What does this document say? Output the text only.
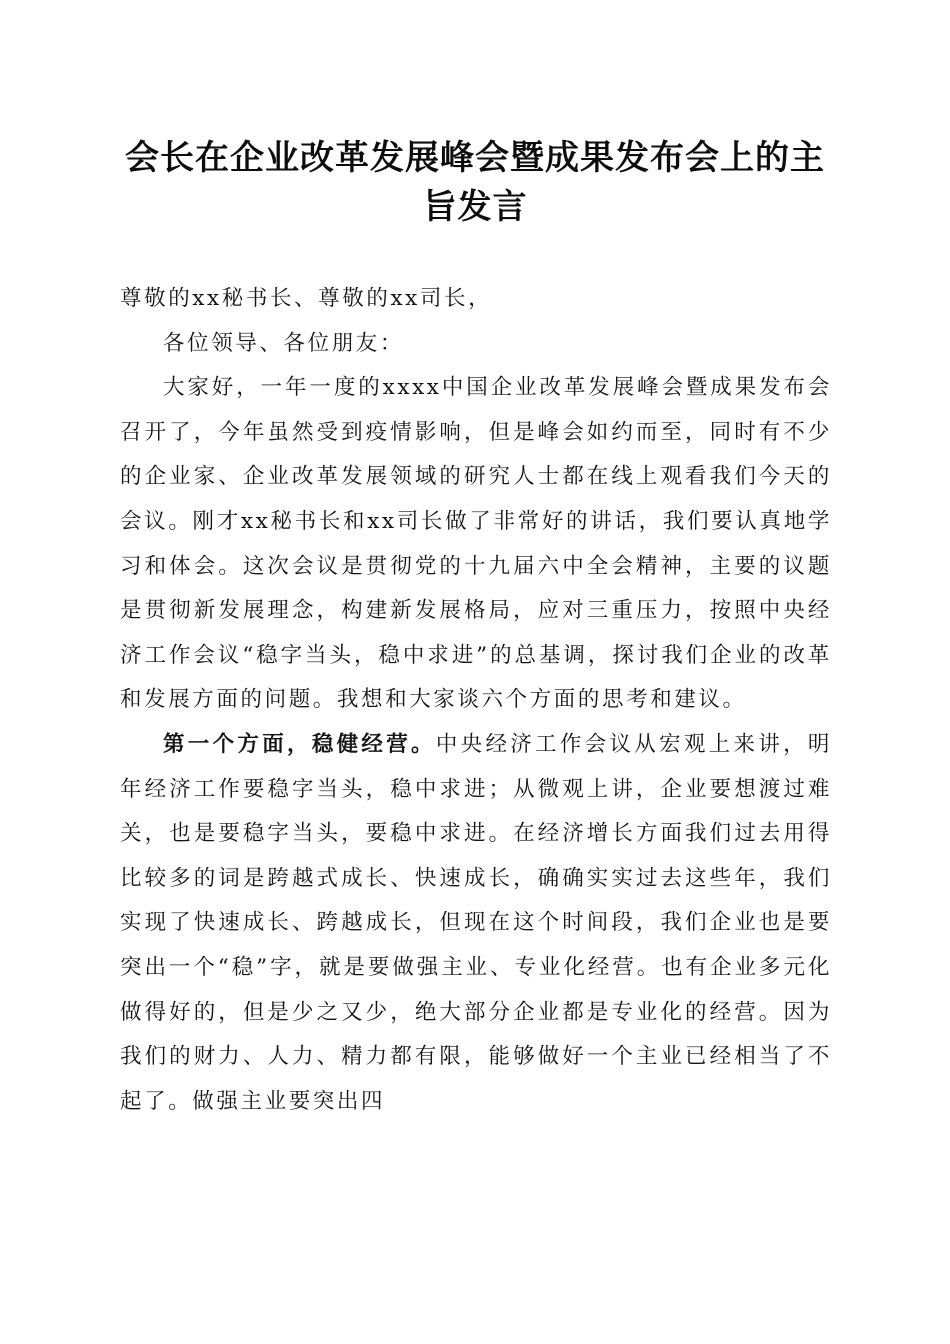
会长在企业改革发展峰会暨成果发布会上的主旨发言

尊敬的xx秘书长、尊敬的xx司长，

各位领导、各位朋友：

大家好，一年一度的xxxx中国企业改革发展峰会暨成果发布会召开了，今年虽然受到疫情影响，但是峰会如约而至，同时有不少的企业家、企业改革发展领域的研究人士都在线上观看我们今天的会议。刚才xx秘书长和xx司长做了非常好的讲话，我们要认真地学习和体会。这次会议是贯彻党的十九届六中全会精神，主要的议题是贯彻新发展理念，构建新发展格局，应对三重压力，按照中央经济工作会议“稳字当头，稳中求进”的总基调，探讨我们企业的改革和发展方面的问题。我想和大家谈六个方面的思考和建议。

第一个方面，稳健经营。中央经济工作会议从宏观上来讲，明年经济工作要稳字当头，稳中求进；从微观上讲，企业要想渡过难关，也是要稳字当头，要稳中求进。在经济增长方面我们过去用得比较多的词是跨越式成长、快速成长，确确实实过去这些年，我们实现了快速成长、跨越成长，但现在这个时间段，我们企业也是要突出一个“稳”字，就是要做强主业、专业化经营。也有企业多元化做得好的，但是少之又少，绝大部分企业都是专业化的经营。因为我们的财力、人力、精力都有限，能够做好一个主业已经相当了不起了。做强主业要突出四
